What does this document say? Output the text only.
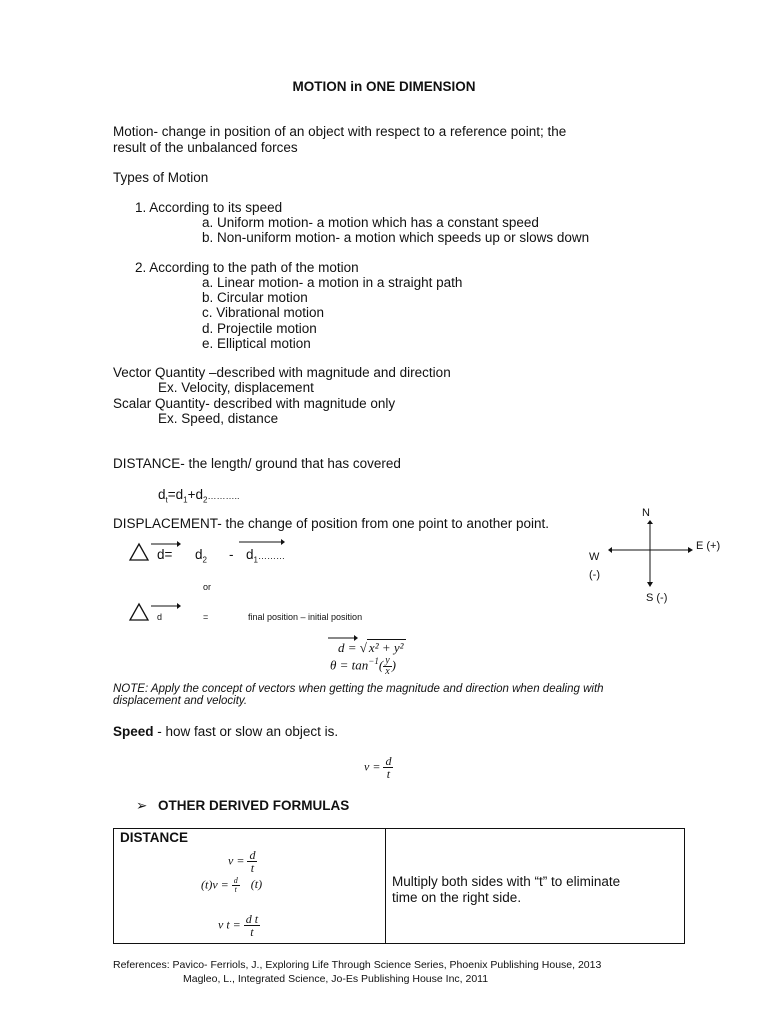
MOTION in ONE DIMENSION
Motion- change in position of an object with respect to a reference point; the
result of the unbalanced forces
Types of Motion
1. According to its speed
a. Uniform motion- a motion which has a constant speed
b. Non-uniform motion- a motion which speeds up or slows down
2. According to the path of the motion
a. Linear motion- a motion in a straight path
b. Circular motion
c. Vibrational motion
d. Projectile motion
e. Elliptical motion
Vector Quantity –described with magnitude and direction
Ex. Velocity, displacement
Scalar Quantity- described with magnitude only
Ex. Speed, distance
DISTANCE- the length/ ground that has covered
$d_t=d_1+d_2\dots\dots\dots$..
DISPLACEMENT- the change of position from one point to another point.
$d= d_2$ - $d_1\dots\dots\dots$
or
d	=	final position – initial position
N
E (+)
W
(-)
S (-)
d = √ x² + y²
$\theta = \tan^{-1}( \frac{y}{x}$ )
NOTE: Apply the concept of vectors when getting the magnitude and direction when dealing with
displacement and velocity.
Speed - how fast or slow an object is.
$v = \frac{d}{t}$
➢ OTHER DERIVED FORMULAS
DISTANCE
$v = \frac{d}{t}$
$(t)v = \frac{d}{t} (t)$
v $t = \frac{\text{d t}}{t}$

Multiply both sides with “t” to eliminate
time on the right side.
References: Pavico- Ferriols, J., Exploring Life Through Science Series, Phoenix Publishing House, 2013
Magleo, L., Integrated Science, Jo-Es Publishing House Inc, 2011
